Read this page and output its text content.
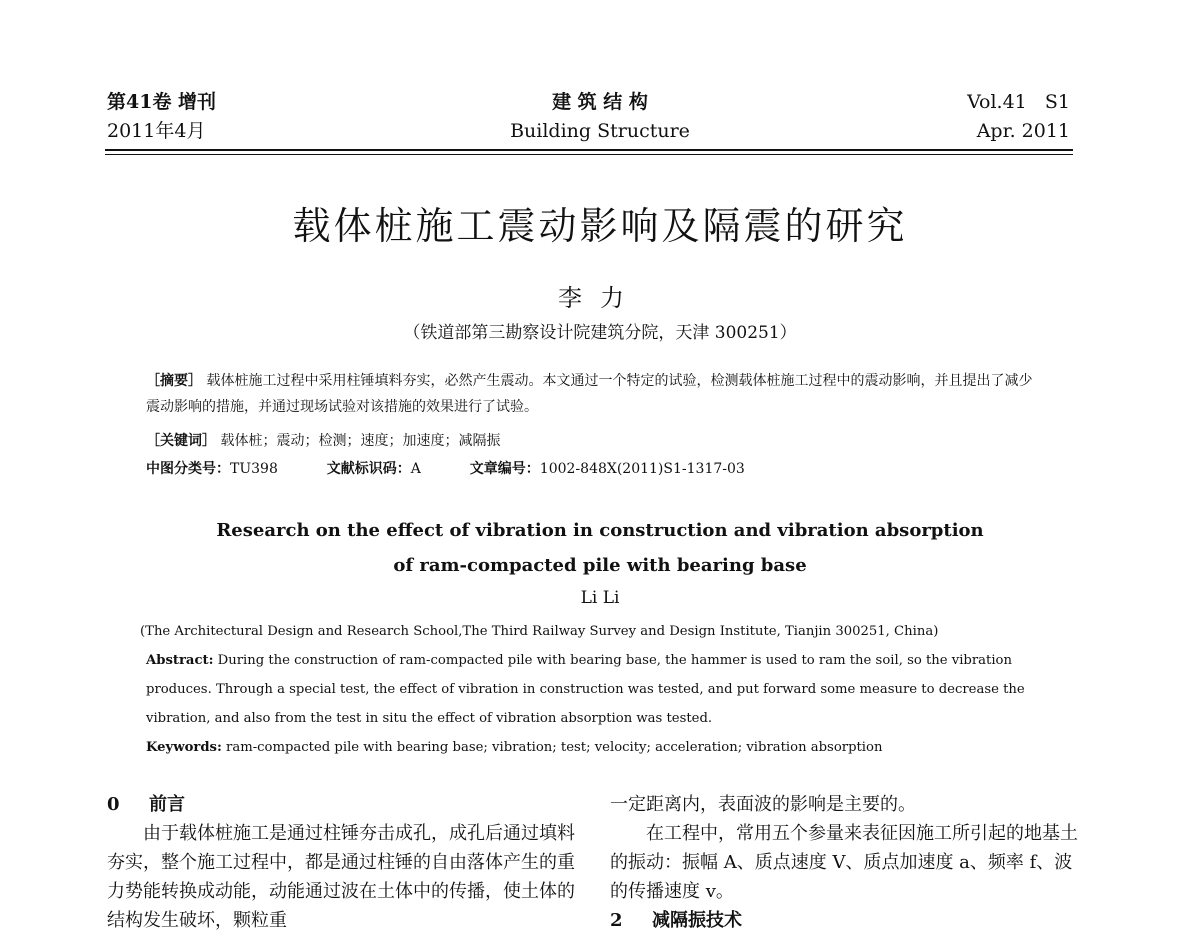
第41卷 增刊
2011年4月
建 筑 结 构
Building Structure
Vol.41   S1
Apr. 2011
载体桩施工震动影响及隔震的研究
李力
（铁道部第三勘察设计院建筑分院，天津 300251）
［摘要］ 载体桩施工过程中采用柱锤填料夯实，必然产生震动。本文通过一个特定的试验，检测载体桩施工过程中的震动影响，并且提出了减少震动影响的措施，并通过现场试验对该措施的效果进行了试验。
［关键词］ 载体桩；震动；检测；速度；加速度；减隔振
中图分类号：TU398	文献标识码：A	文章编号：1002-848X(2011)S1-1317-03
Research on the effect of vibration in construction and vibration absorption
of ram-compacted pile with bearing base
Li Li
(The Architectural Design and Research School,The Third Railway Survey and Design Institute, Tianjin 300251, China)
Abstract: During the construction of ram-compacted pile with bearing base, the hammer is used to ram the soil, so the vibration produces. Through a special test, the effect of vibration in construction was tested, and put forward some measure to decrease the vibration, and also from the test in situ the effect of vibration absorption was tested.
Keywords: ram-compacted pile with bearing base; vibration; test; velocity; acceleration; vibration absorption
0 前言
由于载体桩施工是通过柱锤夯击成孔，成孔后通过填料夯实，整个施工过程中，都是通过柱锤的自由落体产生的重力势能转换成动能，动能通过波在土体中的传播，使土体的结构发生破坏，颗粒重
一定距离内，表面波的影响是主要的。
在工程中，常用五个参量来表征因施工所引起的地基土的振动：振幅 A、质点速度 V、质点加速度 a、频率 f、波的传播速度 v。
2 减隔振技术
